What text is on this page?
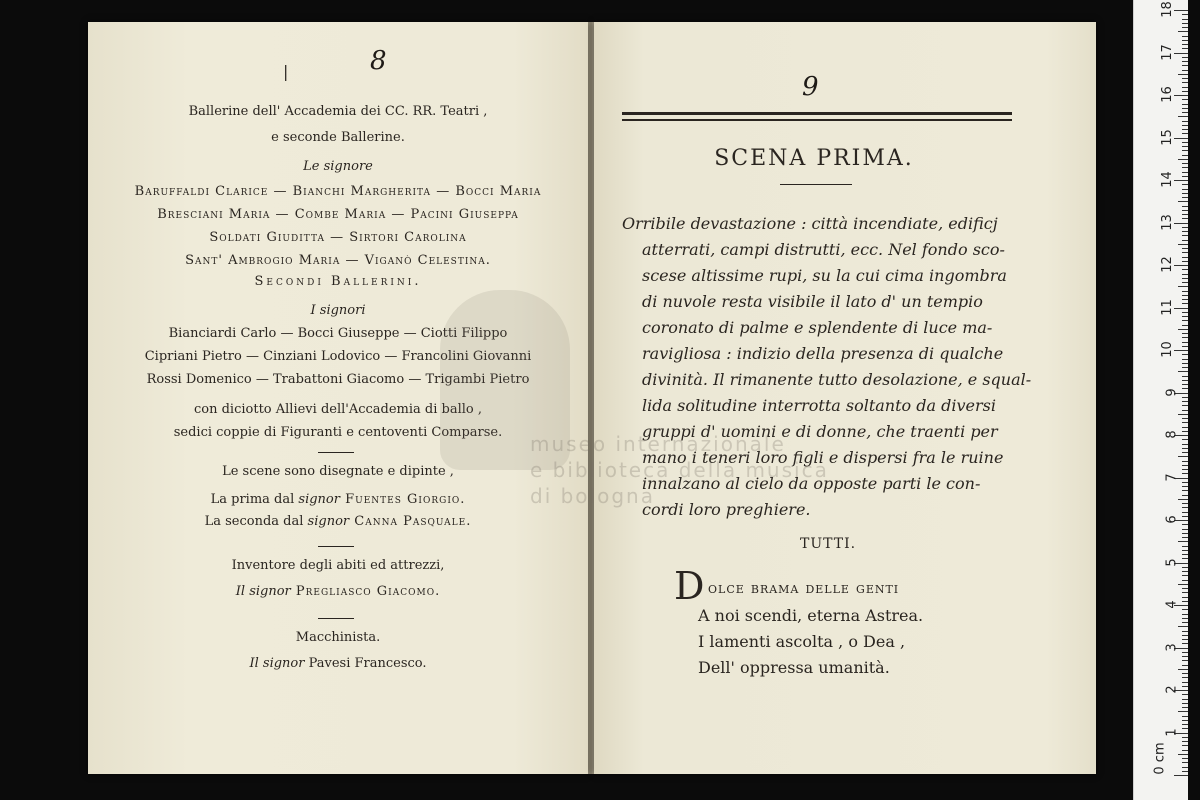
|	8
Ballerine dell' Accademia dei CC. RR. Teatri ,
e seconde Ballerine.
Le signore
Baruffaldi Clarice — Bianchi Margherita — Bocci Maria
Bresciani Maria — Combe Maria — Pacini Giuseppa
Soldati Giuditta — Sirtori Carolina
Sant' Ambrogio Maria — Viganò Celestina.
Secondi Ballerini.
I signori
Bianciardi Carlo — Bocci Giuseppe — Ciotti Filippo
Cipriani Pietro — Cinziani Lodovico — Francolini Giovanni
Rossi Domenico — Trabattoni Giacomo — Trigambi Pietro
con diciotto Allievi dell'Accademia di ballo ,
sedici coppie di Figuranti e centoventi Comparse.
Le scene sono disegnate e dipinte ,
La prima dal signor Fuentes Giorgio.
La seconda dal signor Canna Pasquale.
Inventore degli abiti ed attrezzi,
Il signor Pregliasco Giacomo.
Macchinista.
Il signor Pavesi Francesco.
9
SCENA PRIMA.
Orribile devastazione : città incendiate, edificj
atterrati, campi distrutti, ecc. Nel fondo sco-
scese altissime rupi, su la cui cima ingombra
di nuvole resta visibile il lato d' un tempio
coronato di palme e splendente di luce ma-
ravigliosa : indizio della presenza di qualche
divinità. Il rimanente tutto desolazione, e squal-
lida solitudine interrotta soltanto da diversi
gruppi d' uomini e di donne, che traenti per
mano i teneri loro figli e dispersi fra le ruine
innalzano al cielo da opposte parti le con-
cordi loro preghiere.
TUTTI.
D olce brama delle genti
A noi scendi, eterna Astrea.
I lamenti ascolta , o Dea ,
Dell' oppressa umanità.
museo internazionale
e biblioteca della musica
di bologna
0 cm
1
2
3
4
5
6
7
8
9
10
11
12
13
14
15
16
17
18
